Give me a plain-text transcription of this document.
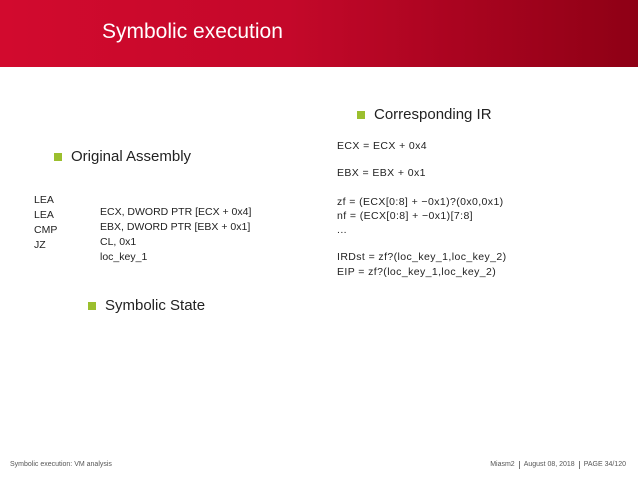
Symbolic execution
Corresponding IR
Original Assembly

LEA

ECX, DWORD PTR [ECX + 0x4]

LEA

EBX, DWORD PTR [EBX + 0x1]

CMP

CL, 0x1

JZ

loc_key_1

ECX = ECX + 0x4
EBX = EBX + 0x1
zf = (ECX[0:8] + −0x1)?(0x0,0x1)
nf = (ECX[0:8] + −0x1)[7:8]
...
IRDst = zf?(loc_key_1,loc_key_2)
EIP = zf?(loc_key_1,loc_key_2)
Symbolic State
Symbolic execution: VM analysis	Miasm2 August 08, 2018 PAGE 34/120
